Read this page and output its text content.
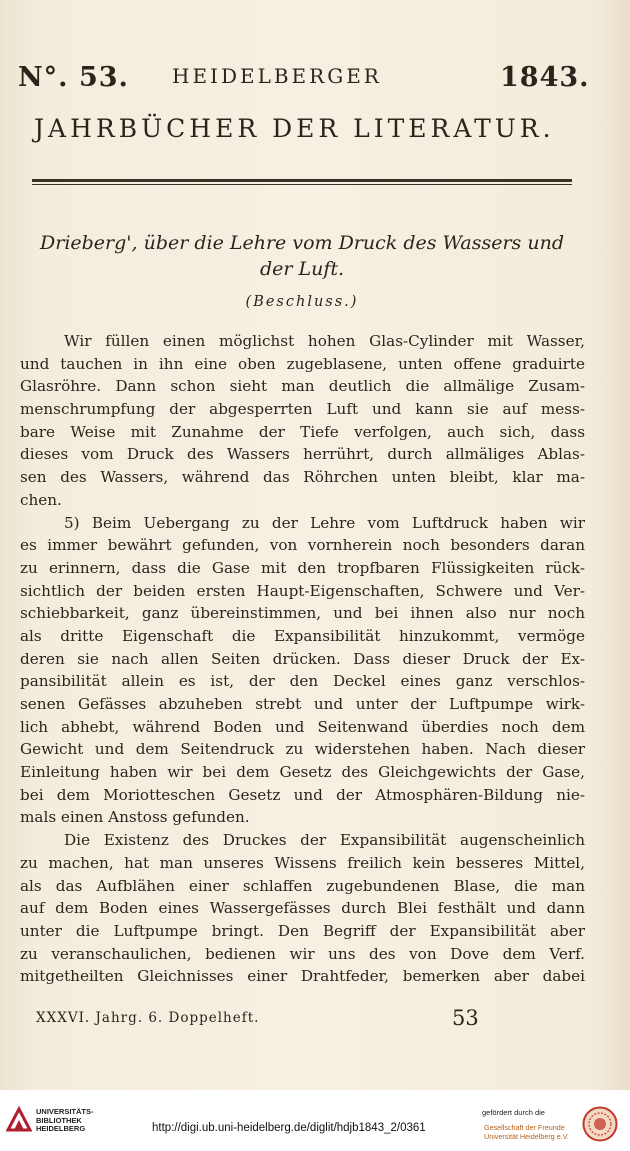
N°. 53. HEIDELBERGER	1843.
JAHRBÜCHER DER LITERATUR.
Drieberg', über die Lehre vom Druck des Wassers und der Luft.
(Beschluss.)
Wir füllen einen möglichst hohen Glas-Cylinder mit Wasser,
und tauchen in ihn eine oben zugeblasene, unten offene graduirte
Glasröhre. Dann schon sieht man deutlich die allmälige Zusam-
menschrumpfung der abgesperrten Luft und kann sie auf mess-
bare Weise mit Zunahme der Tiefe verfolgen, auch sich, dass
dieses vom Druck des Wassers herrührt, durch allmäliges Ablas-
sen des Wassers, während das Röhrchen unten bleibt, klar ma-
chen.
5) Beim Uebergang zu der Lehre vom Luftdruck haben wir
es immer bewährt gefunden, von vornherein noch besonders daran
zu erinnern, dass die Gase mit den tropfbaren Flüssigkeiten rück-
sichtlich der beiden ersten Haupt-Eigenschaften, Schwere und Ver-
schiebbarkeit, ganz übereinstimmen, und bei ihnen also nur noch
als dritte Eigenschaft die Expansibilität hinzukommt, vermöge
deren sie nach allen Seiten drücken. Dass dieser Druck der Ex-
pansibilität allein es ist, der den Deckel eines ganz verschlos-
senen Gefässes abzuheben strebt und unter der Luftpumpe wirk-
lich abhebt, während Boden und Seitenwand überdies noch dem
Gewicht und dem Seitendruck zu widerstehen haben. Nach dieser
Einleitung haben wir bei dem Gesetz des Gleichgewichts der Gase,
bei dem Moriotteschen Gesetz und der Atmosphären-Bildung nie-
mals einen Anstoss gefunden.
Die Existenz des Druckes der Expansibilität augenscheinlich
zu machen, hat man unseres Wissens freilich kein besseres Mittel,
als das Aufblähen einer schlaffen zugebundenen Blase, die man
auf dem Boden eines Wassergefässes durch Blei festhält und dann
unter die Luftpumpe bringt. Den Begriff der Expansibilität aber
zu veranschaulichen, bedienen wir uns des von Dove dem Verf.
mitgetheilten Gleichnisses einer Drahtfeder, bemerken aber dabei
XXXVI. Jahrg. 6. Doppelheft.	53
UNIVERSITÄTS-
BIBLIOTHEK
HEIDELBERG	http://digi.ub.uni-heidelberg.de/diglit/hdjb1843_2/0361
gefördert durch die
Gesellschaft der Freunde
Universität Heidelberg e.V.
